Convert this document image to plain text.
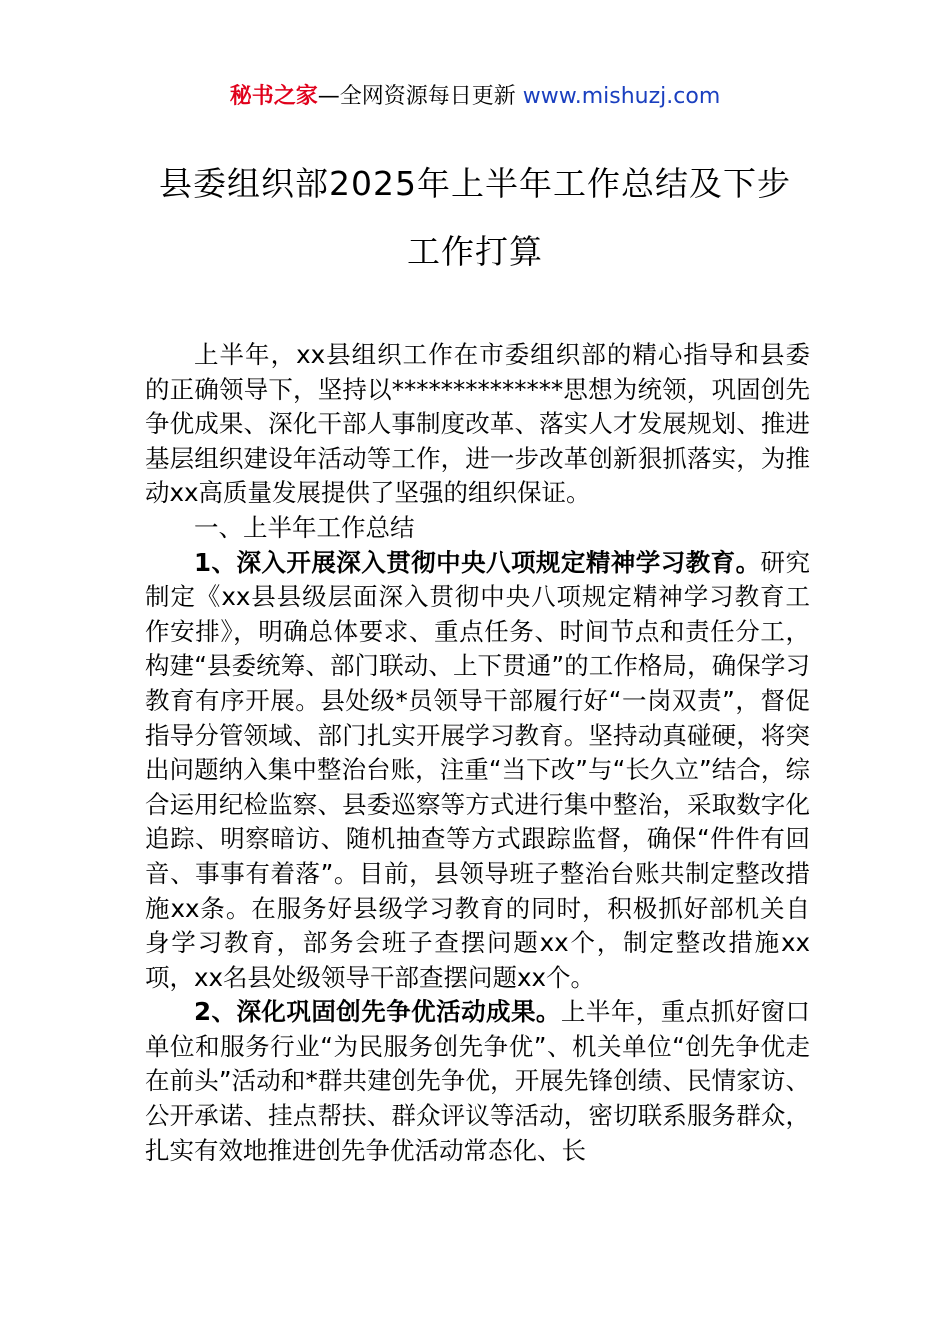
秘书之家—全网资源每日更新 www.mishuzj.com
县委组织部2025年上半年工作总结及下步
工作打算

上半年，xx县组织工作在市委组织部的精心指导和县委的正确领导下，坚持以**************思想为统领，巩固创先争优成果、深化干部人事制度改革、落实人才发展规划、推进基层组织建设年活动等工作，进一步改革创新狠抓落实，为推动xx高质量发展提供了坚强的组织保证。

一、上半年工作总结

1、深入开展深入贯彻中央八项规定精神学习教育。研究制定《xx县县级层面深入贯彻中央八项规定精神学习教育工作安排》，明确总体要求、重点任务、时间节点和责任分工，构建“县委统筹、部门联动、上下贯通”的工作格局，确保学习教育有序开展。县处级*员领导干部履行好“一岗双责”，督促指导分管领域、部门扎实开展学习教育。坚持动真碰硬，将突出问题纳入集中整治台账，注重“当下改”与“长久立”结合，综合运用纪检监察、县委巡察等方式进行集中整治，采取数字化追踪、明察暗访、随机抽查等方式跟踪监督，确保“件件有回音、事事有着落”。目前，县领导班子整治台账共制定整改措施xx条。在服务好县级学习教育的同时，积极抓好部机关自身学习教育，部务会班子查摆问题xx个，制定整改措施xx项，xx名县处级领导干部查摆问题xx个。

2、深化巩固创先争优活动成果。上半年，重点抓好窗口单位和服务行业“为民服务创先争优”、机关单位“创先争优走在前头”活动和*群共建创先争优，开展先锋创绩、民情家访、公开承诺、挂点帮扶、群众评议等活动，密切联系服务群众，扎实有效地推进创先争优活动常态化、长
